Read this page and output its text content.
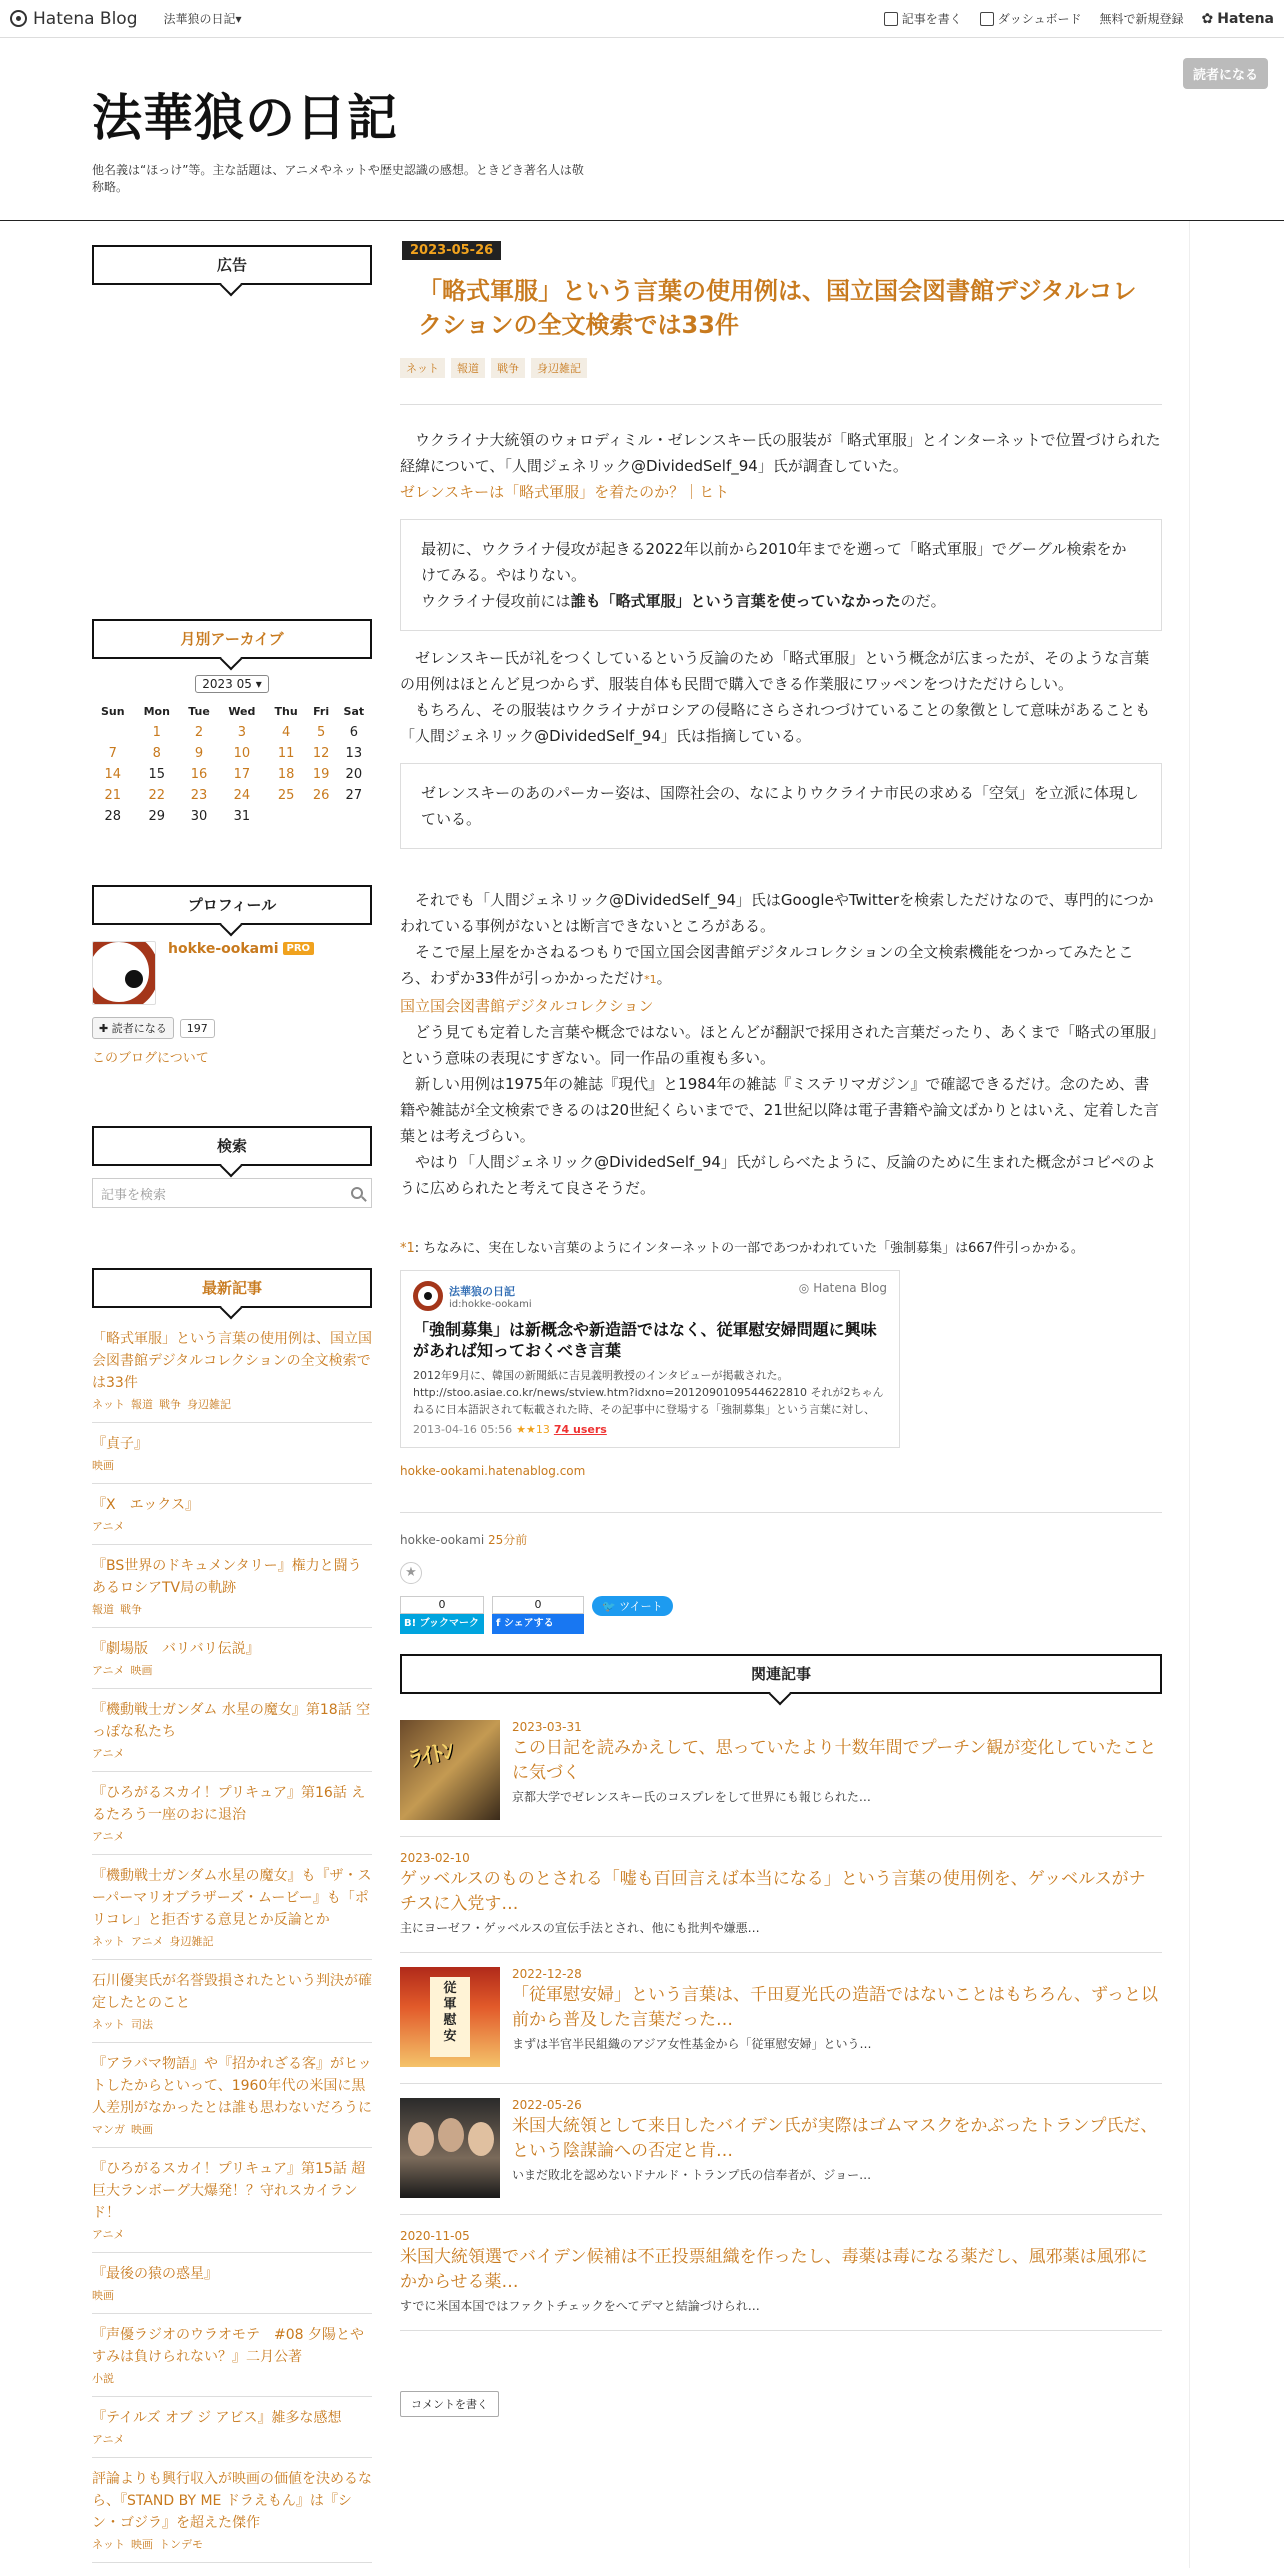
Hatena Blog 法華狼の日記▾	記事を書く	ダッシュボード 無料で新規登録 ✿ Hatena
法華狼の日記
他名義は“ほっけ”等。主な話題は、アニメやネットや歴史認識の感想。ときどき著名人は敬称略。
読者になる
広告
月別アーカイブ
2023 05 ▾
Sun	Mon	Tue	Wed	Thu	Fri	Sat
	1	2	3	4	5	6
7	8	9	10	11	12	13
14	15	16	17	18	19	20
21	22	23	24	25	26	27
28	29	30	31			
プロフィール
hokke-ookami PRO
✚ 読者になる	197
このブログについて
検索
記事を検索
最新記事
「略式軍服」という言葉の使用例は、国立国会図書館デジタルコレクションの全文検索では33件
ネット 報道 戦争 身辺雑記
『貞子』
映画
『X　エックス』
アニメ
『BS世界のドキュメンタリー』権力と闘う あるロシアTV局の軌跡
報道 戦争
『劇場版　バリバリ伝説』
アニメ 映画
『機動戦士ガンダム 水星の魔女』第18話 空っぽな私たち
アニメ
『ひろがるスカイ！プリキュア』第16話 えるたろう一座のおに退治
アニメ
『機動戦士ガンダム水星の魔女』も『ザ・スーパーマリオブラザーズ・ムービー』も「ポリコレ」と拒否する意見とか反論とか
ネット アニメ 身辺雑記
石川優実氏が名誉毀損されたという判決が確定したとのこと
ネット 司法
『アラバマ物語』や『招かれざる客』がヒットしたからといって、1960年代の米国に黒人差別がなかったとは誰も思わないだろうに
マンガ 映画
『ひろがるスカイ！プリキュア』第15話 超巨大ランボーグ大爆発！？守れスカイランド！
アニメ
『最後の猿の惑星』
映画
『声優ラジオのウラオモテ　#08 夕陽とやすみは負けられない？』二月公著
小説
『テイルズ オブ ジ アビス』雑多な感想
アニメ
評論よりも興行収入が映画の価値を決めるなら、『STAND BY ME ドラえもん』は『シン・ゴジラ』を超えた傑作
ネット 映画 トンデモ
2023-05-26
「略式軍服」という言葉の使用例は、国立国会図書館デジタルコレクションの全文検索では33件
ネット	報道	戦争	身辺雑記

ウクライナ大統領のウォロディミル・ゼレンスキー氏の服装が「略式軍服」とインターネットで位置づけられた経緯について、「人間ジェネリック@DividedSelf_94」氏が調査していた。

ゼレンスキーは「略式軍服」を着たのか？｜ヒト

最初に、ウクライナ侵攻が起きる2022年以前から2010年までを遡って「略式軍服」でグーグル検索をかけてみる。やはりない。

ウクライナ侵攻前には誰も「略式軍服」という言葉を使っていなかったのだ。

ゼレンスキー氏が礼をつくしているという反論のため「略式軍服」という概念が広まったが、そのような言葉の用例はほとんど見つからず、服装自体も民間で購入できる作業服にワッペンをつけただけらしい。

もちろん、その服装はウクライナがロシアの侵略にさらされつづけていることの象徴として意味があることも「人間ジェネリック@DividedSelf_94」氏は指摘している。

ゼレンスキーのあのパーカー姿は、国際社会の、なによりウクライナ市民の求める「空気」を立派に体現している。

それでも「人間ジェネリック@DividedSelf_94」氏はGoogleやTwitterを検索しただけなので、専門的につかわれている事例がないとは断言できないところがある。

そこで屋上屋をかさねるつもりで国立国会図書館デジタルコレクションの全文検索機能をつかってみたところ、わずか33件が引っかかっただけ*1。

国立国会図書館デジタルコレクション

どう見ても定着した言葉や概念ではない。ほとんどが翻訳で採用された言葉だったり、あくまで「略式の軍服」という意味の表現にすぎない。同一作品の重複も多い。

新しい用例は1975年の雑誌『現代』と1984年の雑誌『ミステリマガジン』で確認できるだけ。念のため、書籍や雑誌が全文検索できるのは20世紀くらいまでで、21世紀以降は電子書籍や論文ばかりとはいえ、定着した言葉とは考えづらい。

やはり「人間ジェネリック@DividedSelf_94」氏がしらべたように、反論のために生まれた概念がコピペのように広められたと考えて良さそうだ。

*1: ちなみに、実在しない言葉のようにインターネットの一部であつかわれていた「強制募集」は667件引っかかる。
法華狼の日記
id:hokke-ookami
◎ Hatena Blog
「強制募集」は新概念や新造語ではなく、従軍慰安婦問題に興味があれば知っておくべき言葉
2012年9月に、韓国の新聞紙に吉見義明教授のインタビューが掲載された。 http://stoo.asiae.co.kr/news/stview.htm?idxno=2012090109544622810 それが2ちゃんねるに日本語訳されて転載された時、その記事中に登場する「強制募集」という言葉に対し、
2013-04-16 05:56 ★★13 74 users
hokke-ookami.hatenablog.com
hokke-ookami 25分前
★
0
B! ブックマーク
0
f シェアする
🐦 ツイート
関連記事
ﾗｲﾄﾝ
2023-03-31
この日記を読みかえして、思っていたより十数年間でプーチン観が変化していたことに気づく
京都大学でゼレンスキー氏のコスプレをして世界にも報じられた…
2023-02-10
ゲッベルスのものとされる「嘘も百回言えば本当になる」という言葉の使用例を、ゲッベルスがナチスに入党す…
主にヨーゼフ・ゲッベルスの宣伝手法とされ、他にも批判や嫌悪…
従
軍
慰
安
2022-12-28
「従軍慰安婦」という言葉は、千田夏光氏の造語ではないことはもちろん、ずっと以前から普及した言葉だった…
まずは半官半民組織のアジア女性基金から「従軍慰安婦」という…
2022-05-26
米国大統領として来日したバイデン氏が実際はゴムマスクをかぶったトランプ氏だ、という陰謀論への否定と肯…
いまだ敗北を認めないドナルド・トランプ氏の信奉者が、ジョー…
2020-11-05
米国大統領選でバイデン候補は不正投票組織を作ったし、毒薬は毒になる薬だし、風邪薬は風邪にかからせる薬…
すでに米国本国ではファクトチェックをへてデマと結論づけられ…
コメントを書く
